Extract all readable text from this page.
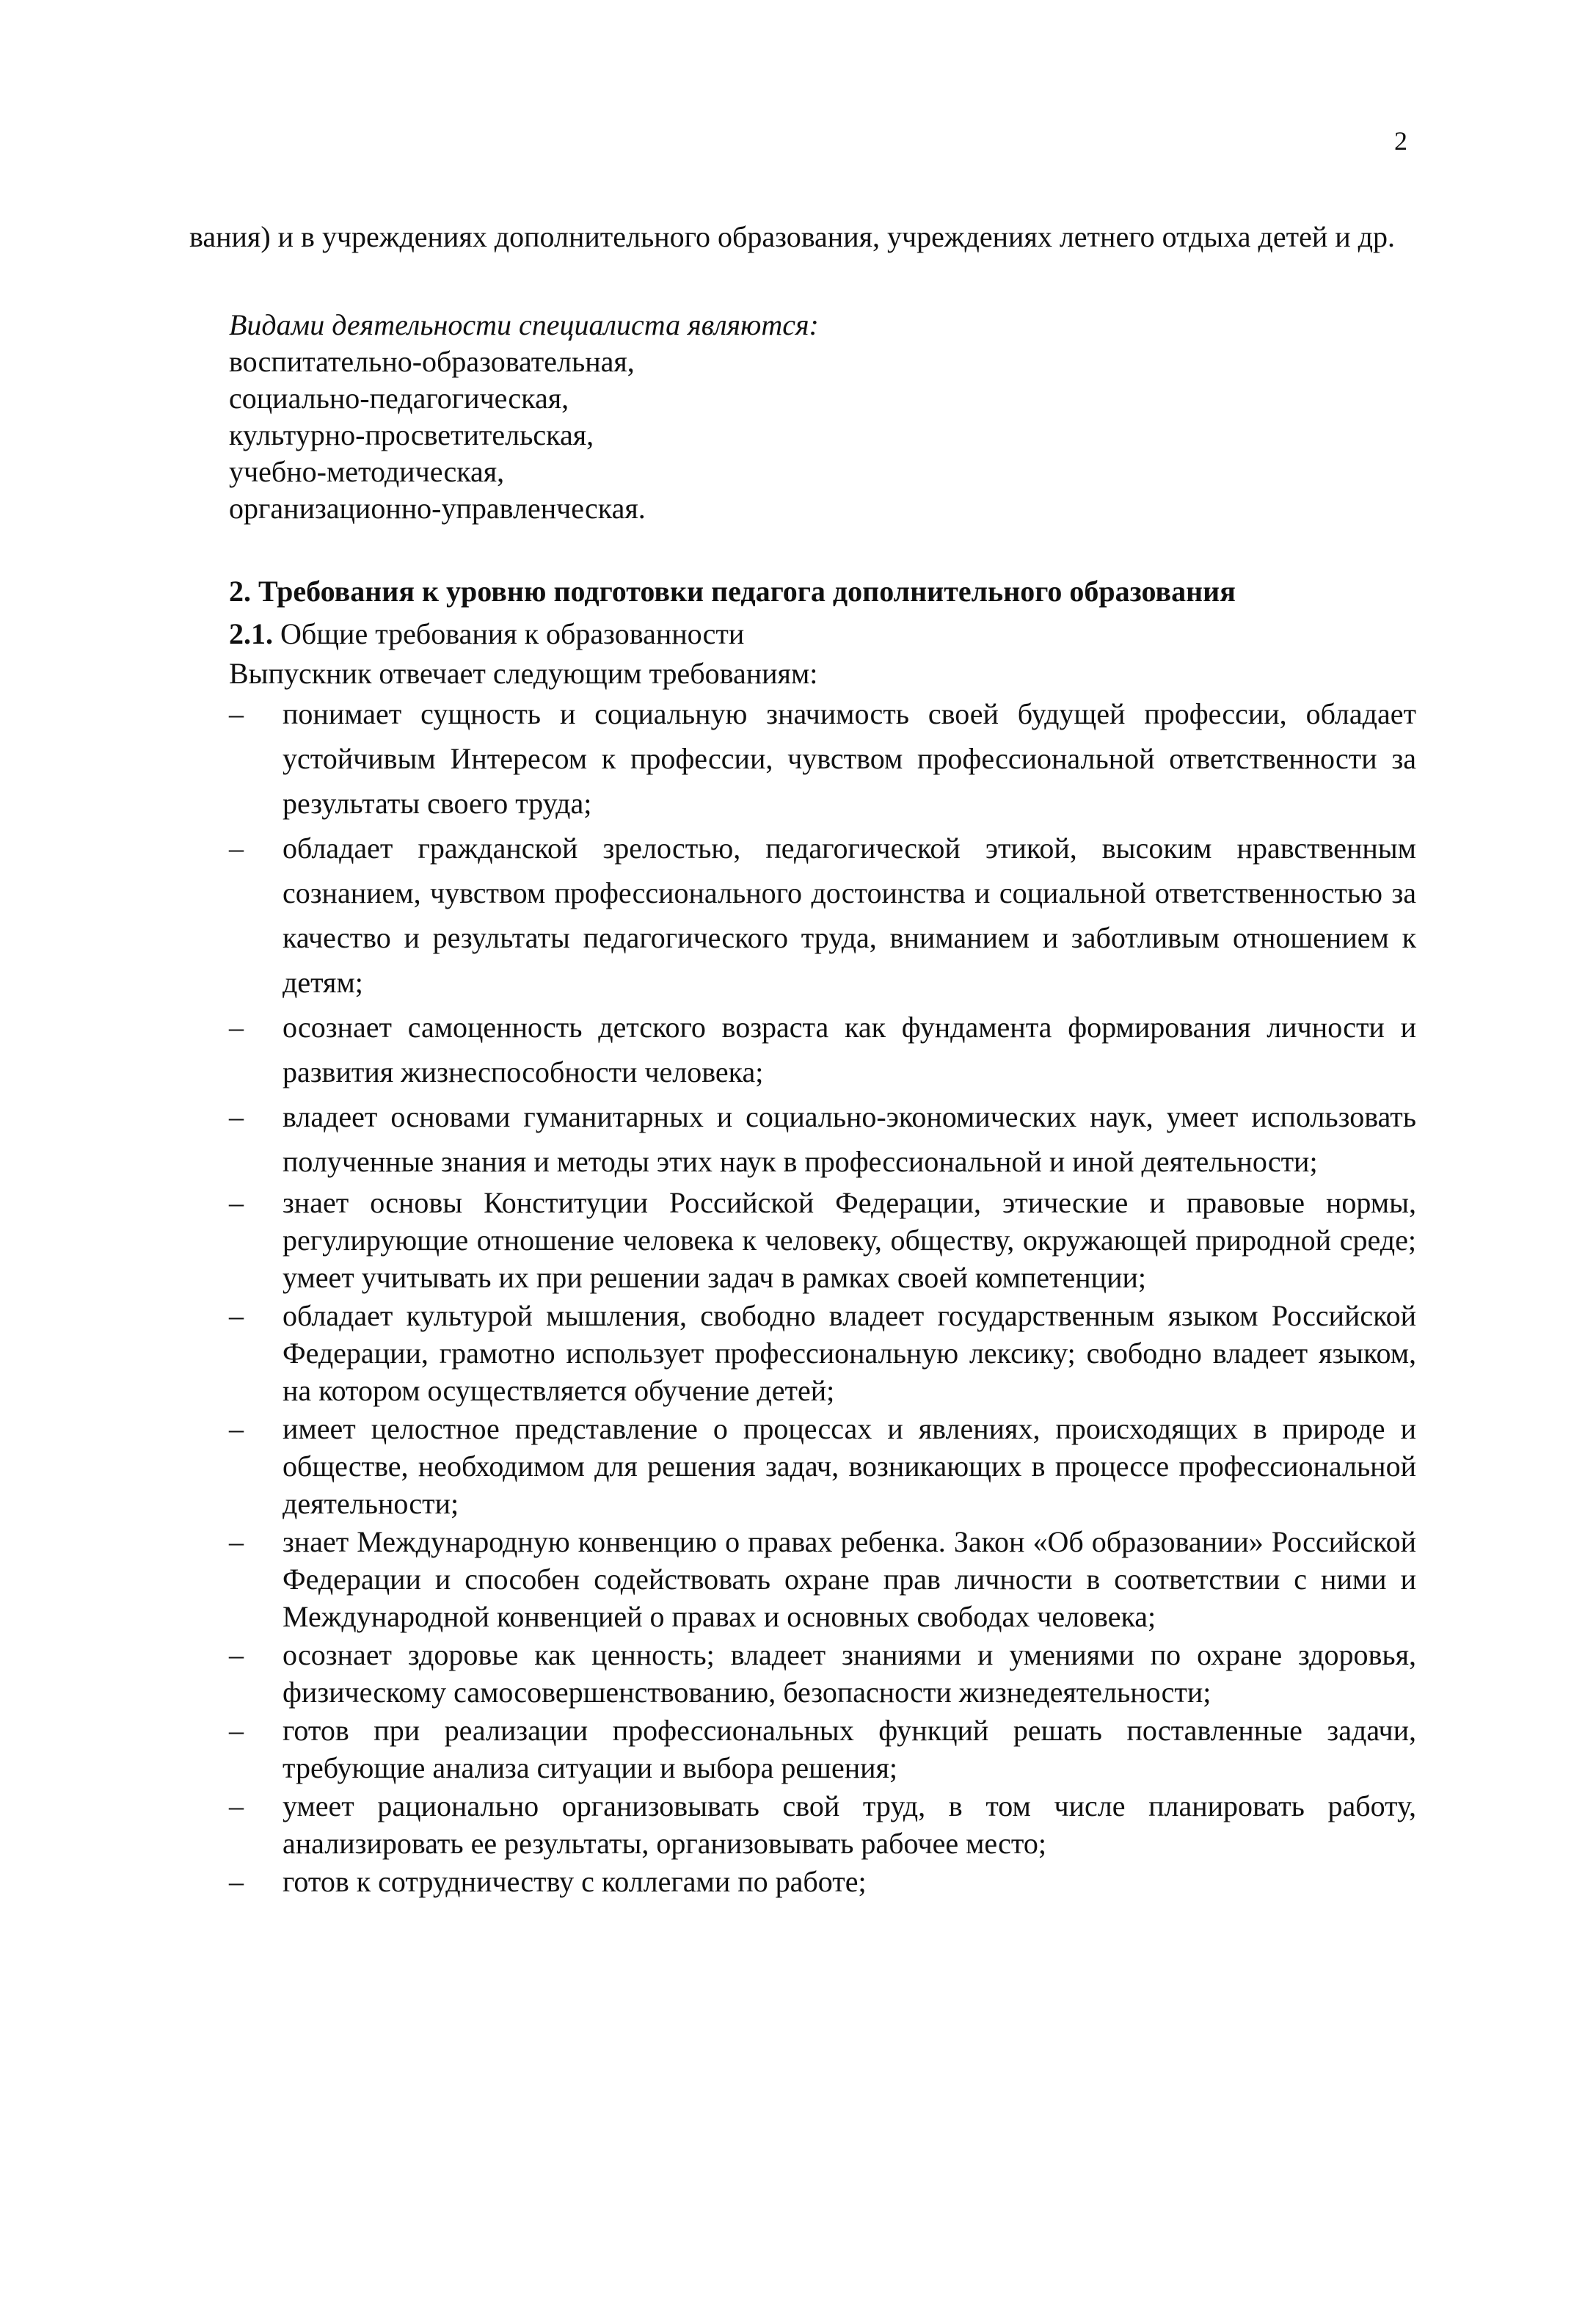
2
вания) и в учреждениях дополнительного образования, учреждениях летнего отдыха детей и др.
Видами деятельности специалиста являются:
воспитательно-образовательная,
социально-педагогическая,
культурно-просветительская,
учебно-методическая,
организационно-управленческая.
2. Требования к уровню подготовки педагога дополнительного образования
2.1. Общие требования к образованности
Выпускник отвечает следующим требованиям:
– понимает сущность и социальную значимость своей будущей профессии, обладает устойчивым Интересом к профессии, чувством профессиональной ответственности за результаты своего труда;
– обладает гражданской зрелостью, педагогической этикой, высоким нравственным сознанием, чувством профессионального достоинства и социальной ответственностью за качество и результаты педагогического труда, вниманием и заботливым отношением к детям;
– осознает самоценность детского возраста как фундамента формирования личности и развития жизнеспособности человека;
– владеет основами гуманитарных и социально-экономических наук, умеет использовать полученные знания и методы этих наук в профессиональной и иной деятельности;
– знает основы Конституции Российской Федерации, этические и правовые нормы, регулирующие отношение человека к человеку, обществу, окружающей природной среде; умеет учитывать их при решении задач в рамках своей компетенции;
– обладает культурой мышления, свободно владеет государственным языком Российской Федерации, грамотно использует профессиональную лексику; свободно владеет языком, на котором осуществляется обучение детей;
– имеет целостное представление о процессах и явлениях, происходящих в природе и обществе, необходимом для решения задач, возникающих в процессе профессиональной деятельности;
– знает Международную конвенцию о правах ребенка. Закон «Об образовании» Российской Федерации и способен содействовать охране прав личности в соответствии с ними и Международной конвенцией о правах и основных свободах человека;
– осознает здоровье как ценность; владеет знаниями и умениями по охране здоровья, физическому самосовершенствованию, безопасности жизнедеятельности;
– готов при реализации профессиональных функций решать поставленные задачи, требующие анализа ситуации и выбора решения;
– умеет рационально организовывать свой труд, в том числе планировать работу, анализировать ее результаты, организовывать рабочее место;
– готов к сотрудничеству с коллегами по работе;
